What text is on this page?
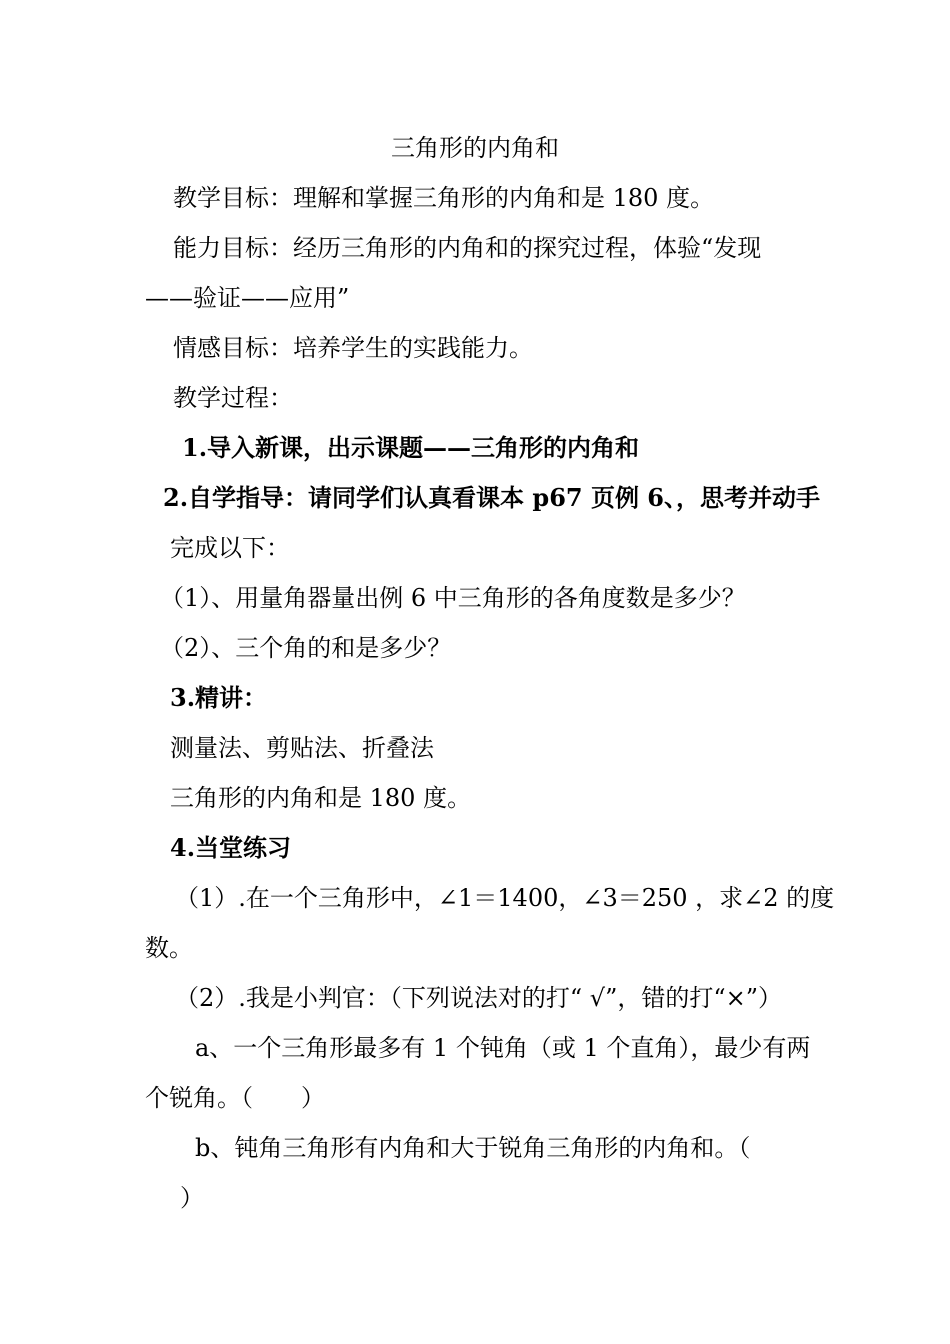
三角形的内角和
教学目标：理解和掌握三角形的内角和是 180 度。
能力目标：经历三角形的内角和的探究过程，体验“发现
——验证——应用”
情感目标：培养学生的实践能力。
教学过程：
1.导入新课，出示课题——三角形的内角和
2.自学指导：请同学们认真看课本 p67 页例 6、，思考并动手
完成以下：
（1）、用量角器量出例 6 中三角形的各角度数是多少？
（2）、三个角的和是多少？
3.精讲：
测量法、剪贴法、折叠法
三角形的内角和是 180 度。
4.当堂练习
（1）.在一个三角形中，∠1＝1400，∠3＝250 ，求∠2 的度
数。
（2）.我是小判官：（下列说法对的打“ √”，错的打“×”）
a、一个三角形最多有 1 个钝角（或 1 个直角），最少有两
个锐角。（　　）
b、钝角三角形有内角和大于锐角三角形的内角和。（
）
